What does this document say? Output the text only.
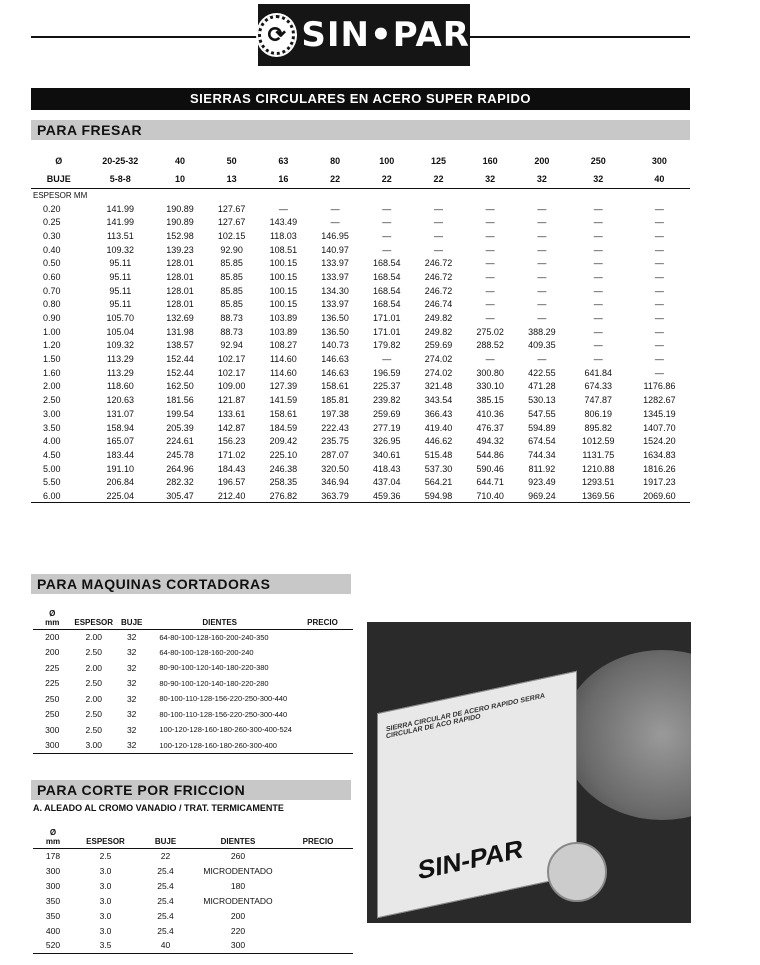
⟳ SIN•PAR
SIERRAS CIRCULARES EN ACERO SUPER RAPIDO
PARA FRESAR
Ø	20-25-32	40	50	63	80	100	125	160	200	250	300
BUJE	5-8-8	10	13	16	22	22	22	32	32	32	40
ESPESOR MM											
0.20	141.99	190.89	127.67	—	—	—	—	—	—	—	—
0.25	141.99	190.89	127.67	143.49	—	—	—	—	—	—	—
0.30	113.51	152.98	102.15	118.03	146.95	—	—	—	—	—	—
0.40	109.32	139.23	92.90	108.51	140.97	—	—	—	—	—	—
0.50	95.11	128.01	85.85	100.15	133.97	168.54	246.72	—	—	—	—
0.60	95.11	128.01	85.85	100.15	133.97	168.54	246.72	—	—	—	—
0.70	95.11	128.01	85.85	100.15	134.30	168.54	246.72	—	—	—	—
0.80	95.11	128.01	85.85	100.15	133.97	168.54	246.74	—	—	—	—
0.90	105.70	132.69	88.73	103.89	136.50	171.01	249.82	—	—	—	—
1.00	105.04	131.98	88.73	103.89	136.50	171.01	249.82	275.02	388.29	—	—
1.20	109.32	138.57	92.94	108.27	140.73	179.82	259.69	288.52	409.35	—	—
1.50	113.29	152.44	102.17	114.60	146.63	—	274.02	—	—	—	—
1.60	113.29	152.44	102.17	114.60	146.63	196.59	274.02	300.80	422.55	641.84	—
2.00	118.60	162.50	109.00	127.39	158.61	225.37	321.48	330.10	471.28	674.33	1176.86
2.50	120.63	181.56	121.87	141.59	185.81	239.82	343.54	385.15	530.13	747.87	1282.67
3.00	131.07	199.54	133.61	158.61	197.38	259.69	366.43	410.36	547.55	806.19	1345.19
3.50	158.94	205.39	142.87	184.59	222.43	277.19	419.40	476.37	594.89	895.82	1407.70
4.00	165.07	224.61	156.23	209.42	235.75	326.95	446.62	494.32	674.54	1012.59	1524.20
4.50	183.44	245.78	171.02	225.10	287.07	340.61	515.48	544.86	744.34	1131.75	1634.83
5.00	191.10	264.96	184.43	246.38	320.50	418.43	537.30	590.46	811.92	1210.88	1816.26
5.50	206.84	282.32	196.57	258.35	346.94	437.04	564.21	644.71	923.49	1293.51	1917.23
6.00	225.04	305.47	212.40	276.82	363.79	459.36	594.98	710.40	969.24	1369.56	2069.60
PARA MAQUINAS CORTADORAS
Ø
mm	ESPESOR	BUJE	DIENTES	PRECIO
200	2.00	32	64-80-100-128-160-200-240-350	
200	2.50	32	64-80-100-128-160-200-240	
225	2.00	32	80-90-100-120-140-180-220-380	
225	2.50	32	80-90-100-120-140-180-220-280	
250	2.00	32	80-100-110-128-156-220-250-300-440	
250	2.50	32	80-100-110-128-156-220-250-300-440	
300	2.50	32	100-120-128-160-180-260-300-400-524	
300	3.00	32	100-120-128-160-180-260-300-400	
PARA CORTE POR FRICCION
A. ALEADO AL CROMO VANADIO / TRAT. TERMICAMENTE
Ø
mm	ESPESOR	BUJE	DIENTES	PRECIO
178	2.5	22	260	
300	3.0	25.4	MICRODENTADO	
300	3.0	25.4	180	
350	3.0	25.4	MICRODENTADO	
350	3.0	25.4	200	
400	3.0	25.4	220	
520	3.5	40	300	
SIERRA CIRCULAR DE ACERO RAPIDO SERRA CIRCULAR DE ACO RAPIDO
SIN-PAR
